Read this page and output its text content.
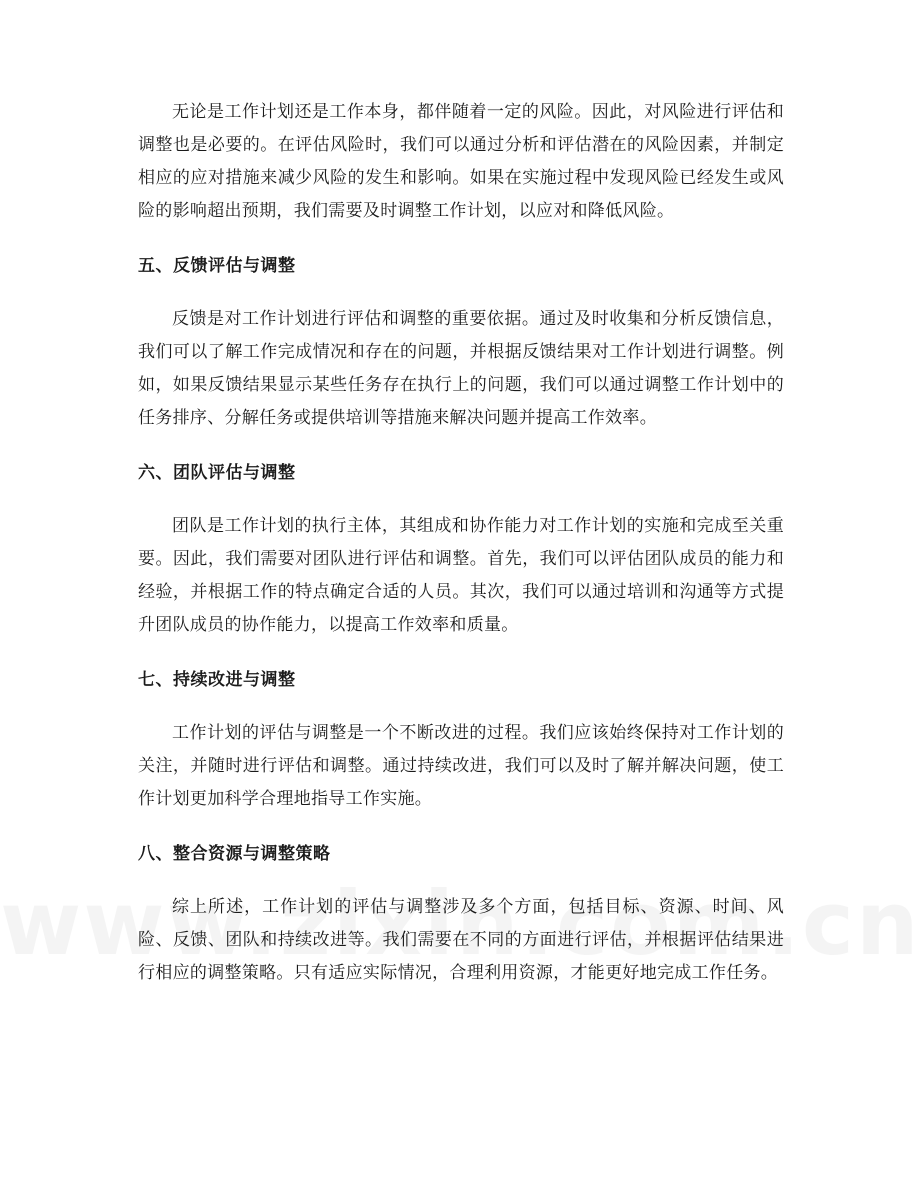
无论是工作计划还是工作本身，都伴随着一定的风险。因此，对风险进行评估和调整也是必要的。在评估风险时，我们可以通过分析和评估潜在的风险因素，并制定相应的应对措施来减少风险的发生和影响。如果在实施过程中发现风险已经发生或风险的影响超出预期，我们需要及时调整工作计划，以应对和降低风险。

五、反馈评估与调整

反馈是对工作计划进行评估和调整的重要依据。通过及时收集和分析反馈信息，我们可以了解工作完成情况和存在的问题，并根据反馈结果对工作计划进行调整。例如，如果反馈结果显示某些任务存在执行上的问题，我们可以通过调整工作计划中的任务排序、分解任务或提供培训等措施来解决问题并提高工作效率。

六、团队评估与调整

团队是工作计划的执行主体，其组成和协作能力对工作计划的实施和完成至关重要。因此，我们需要对团队进行评估和调整。首先，我们可以评估团队成员的能力和经验，并根据工作的特点确定合适的人员。其次，我们可以通过培训和沟通等方式提升团队成员的协作能力，以提高工作效率和质量。

七、持续改进与调整

工作计划的评估与调整是一个不断改进的过程。我们应该始终保持对工作计划的关注，并随时进行评估和调整。通过持续改进，我们可以及时了解并解决问题，使工作计划更加科学合理地指导工作实施。

八、整合资源与调整策略

综上所述，工作计划的评估与调整涉及多个方面，包括目标、资源、时间、风险、反馈、团队和持续改进等。我们需要在不同的方面进行评估，并根据评估结果进行相应的调整策略。只有适应实际情况，合理利用资源，才能更好地完成工作任务。
